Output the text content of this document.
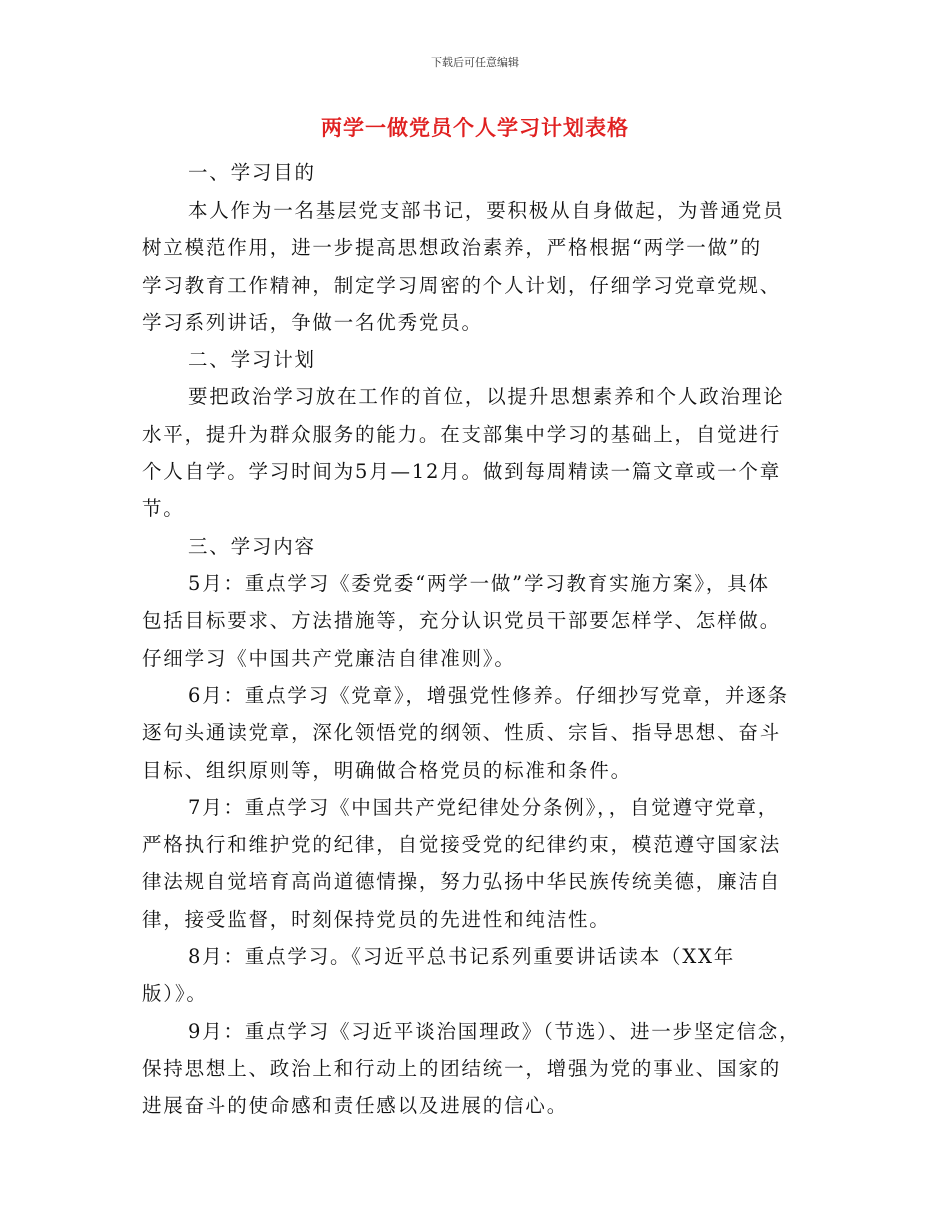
下载后可任意编辑
两学一做党员个人学习计划表格
一、学习目的
本人作为一名基层党支部书记，要积极从自身做起，为普通党员
树立模范作用，进一步提高思想政治素养，严格根据“两学一做”的
学习教育工作精神，制定学习周密的个人计划，仔细学习党章党规、
学习系列讲话，争做一名优秀党员。
二、学习计划
要把政治学习放在工作的首位，以提升思想素养和个人政治理论
水平，提升为群众服务的能力。在支部集中学习的基础上，自觉进行
个人自学。学习时间为5月—12月。做到每周精读一篇文章或一个章
节。
三、学习内容
5月：重点学习《委党委“两学一做”学习教育实施方案》，具体
包括目标要求、方法措施等，充分认识党员干部要怎样学、怎样做。
仔细学习《中国共产党廉洁自律准则》。
6月：重点学习《党章》，增强党性修养。仔细抄写党章，并逐条
逐句头通读党章，深化领悟党的纲领、性质、宗旨、指导思想、奋斗
目标、组织原则等，明确做合格党员的标准和条件。
7月：重点学习《中国共产党纪律处分条例》，，自觉遵守党章，
严格执行和维护党的纪律，自觉接受党的纪律约束，模范遵守国家法
律法规自觉培育高尚道德情操，努力弘扬中华民族传统美德，廉洁自
律，接受监督，时刻保持党员的先进性和纯洁性。
8月：重点学习。《习近平总书记系列重要讲话读本（XX年
版）》。
9月：重点学习《习近平谈治国理政》（节选）、进一步坚定信念，
保持思想上、政治上和行动上的团结统一，增强为党的事业、国家的
进展奋斗的使命感和责任感以及进展的信心。
